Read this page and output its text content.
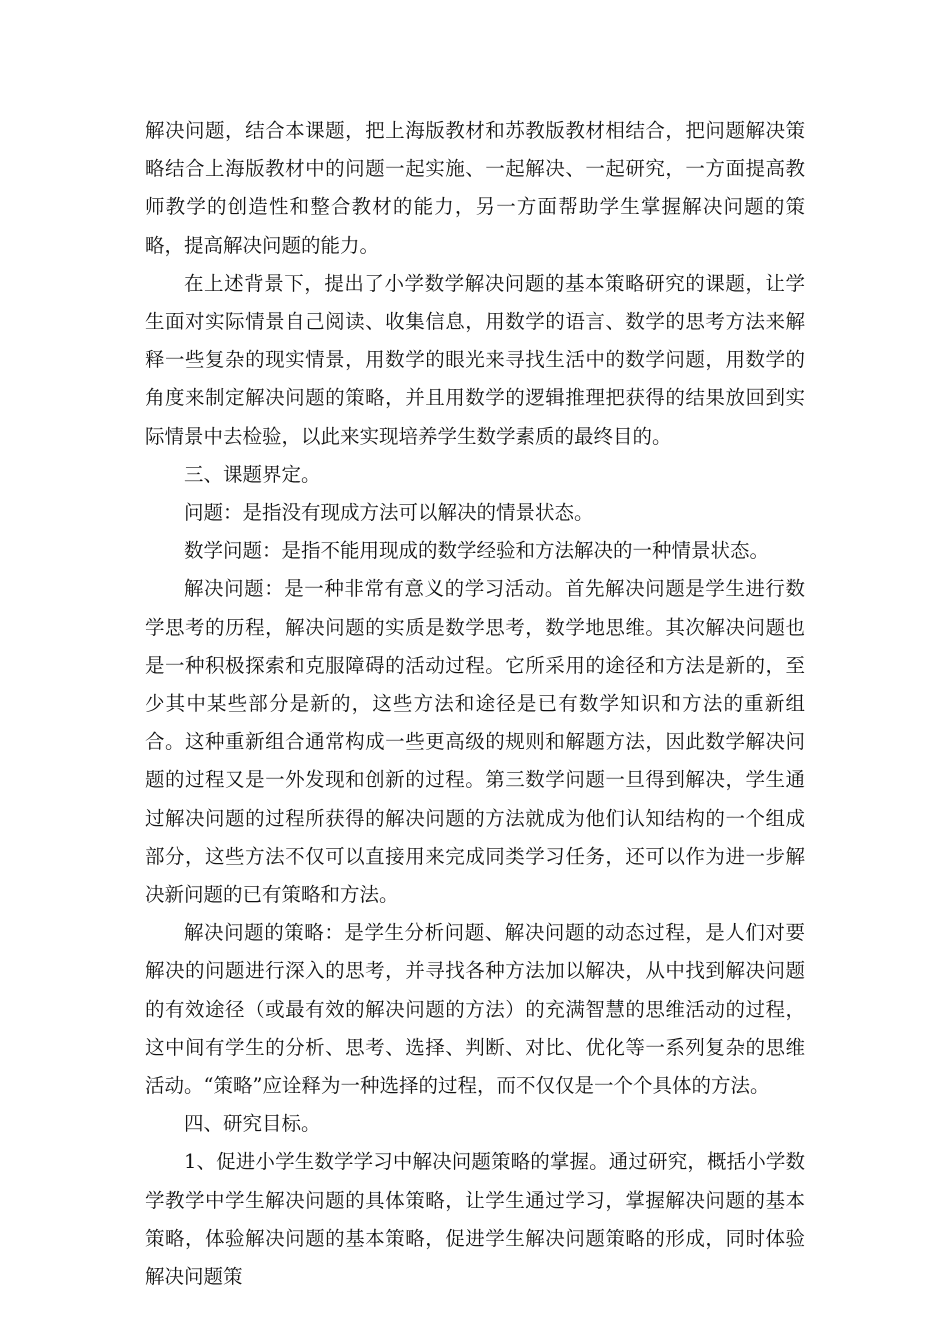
解决问题，结合本课题，把上海版教材和苏教版教材相结合，把问题解决策略结合上海版教材中的问题一起实施、一起解决、一起研究，一方面提高教师教学的创造性和整合教材的能力，另一方面帮助学生掌握解决问题的策略，提高解决问题的能力。

在上述背景下，提出了小学数学解决问题的基本策略研究的课题，让学生面对实际情景自己阅读、收集信息，用数学的语言、数学的思考方法来解释一些复杂的现实情景，用数学的眼光来寻找生活中的数学问题，用数学的角度来制定解决问题的策略，并且用数学的逻辑推理把获得的结果放回到实际情景中去检验，以此来实现培养学生数学素质的最终目的。

三、课题界定。

问题：是指没有现成方法可以解决的情景状态。

数学问题：是指不能用现成的数学经验和方法解决的一种情景状态。

解决问题：是一种非常有意义的学习活动。首先解决问题是学生进行数学思考的历程，解决问题的实质是数学思考，数学地思维。其次解决问题也是一种积极探索和克服障碍的活动过程。它所采用的途径和方法是新的，至少其中某些部分是新的，这些方法和途径是已有数学知识和方法的重新组合。这种重新组合通常构成一些更高级的规则和解题方法，因此数学解决问题的过程又是一外发现和创新的过程。第三数学问题一旦得到解决，学生通过解决问题的过程所获得的解决问题的方法就成为他们认知结构的一个组成部分，这些方法不仅可以直接用来完成同类学习任务，还可以作为进一步解决新问题的已有策略和方法。

解决问题的策略：是学生分析问题、解决问题的动态过程，是人们对要解决的问题进行深入的思考，并寻找各种方法加以解决，从中找到解决问题的有效途径（或最有效的解决问题的方法）的充满智慧的思维活动的过程，这中间有学生的分析、思考、选择、判断、对比、优化等一系列复杂的思维活动。“策略”应诠释为一种选择的过程，而不仅仅是一个个具体的方法。

四、研究目标。

1、促进小学生数学学习中解决问题策略的掌握。通过研究，概括小学数学教学中学生解决问题的具体策略，让学生通过学习，掌握解决问题的基本策略，体验解决问题的基本策略，促进学生解决问题策略的形成，同时体验解决问题策
